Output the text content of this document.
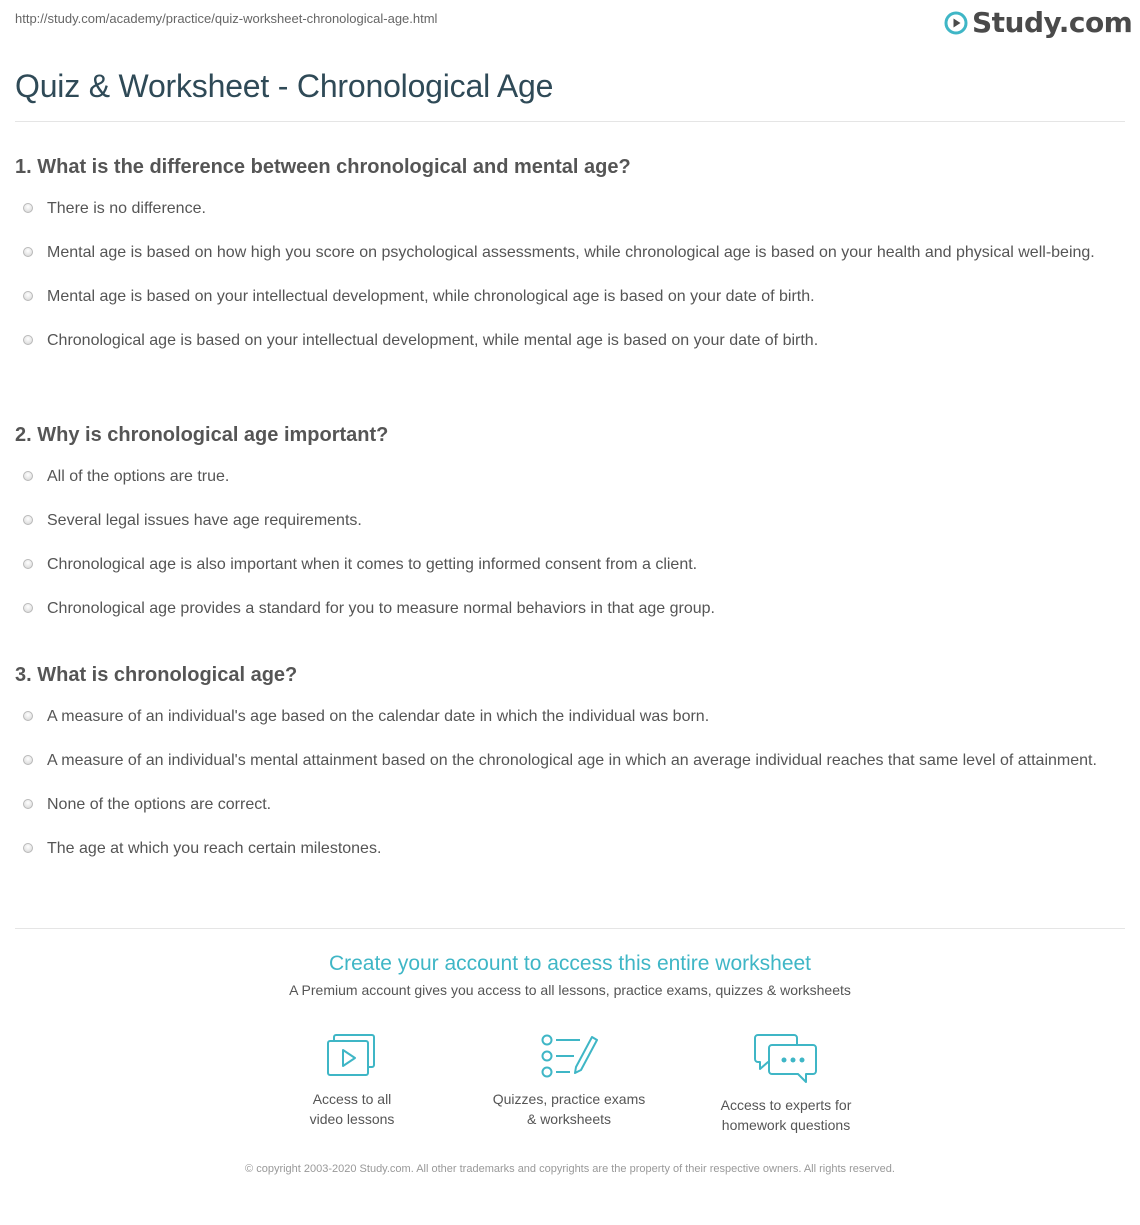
http://study.com/academy/practice/quiz-worksheet-chronological-age.html	Study.com
Quiz & Worksheet - Chronological Age
1. What is the difference between chronological and mental age?
There is no difference.
Mental age is based on how high you score on psychological assessments, while chronological age is based on your health and physical well-being.
Mental age is based on your intellectual development, while chronological age is based on your date of birth.
Chronological age is based on your intellectual development, while mental age is based on your date of birth.
2. Why is chronological age important?
All of the options are true.
Several legal issues have age requirements.
Chronological age is also important when it comes to getting informed consent from a client.
Chronological age provides a standard for you to measure normal behaviors in that age group.
3. What is chronological age?
A measure of an individual's age based on the calendar date in which the individual was born.
A measure of an individual's mental attainment based on the chronological age in which an average individual reaches that same level of attainment.
None of the options are correct.
The age at which you reach certain milestones.
Create your account to access this entire worksheet
A Premium account gives you access to all lessons, practice exams, quizzes & worksheets
Access to all
video lessons
Quizzes, practice exams
& worksheets
Access to experts for
homework questions
© copyright 2003-2020 Study.com. All other trademarks and copyrights are the property of their respective owners. All rights reserved.
